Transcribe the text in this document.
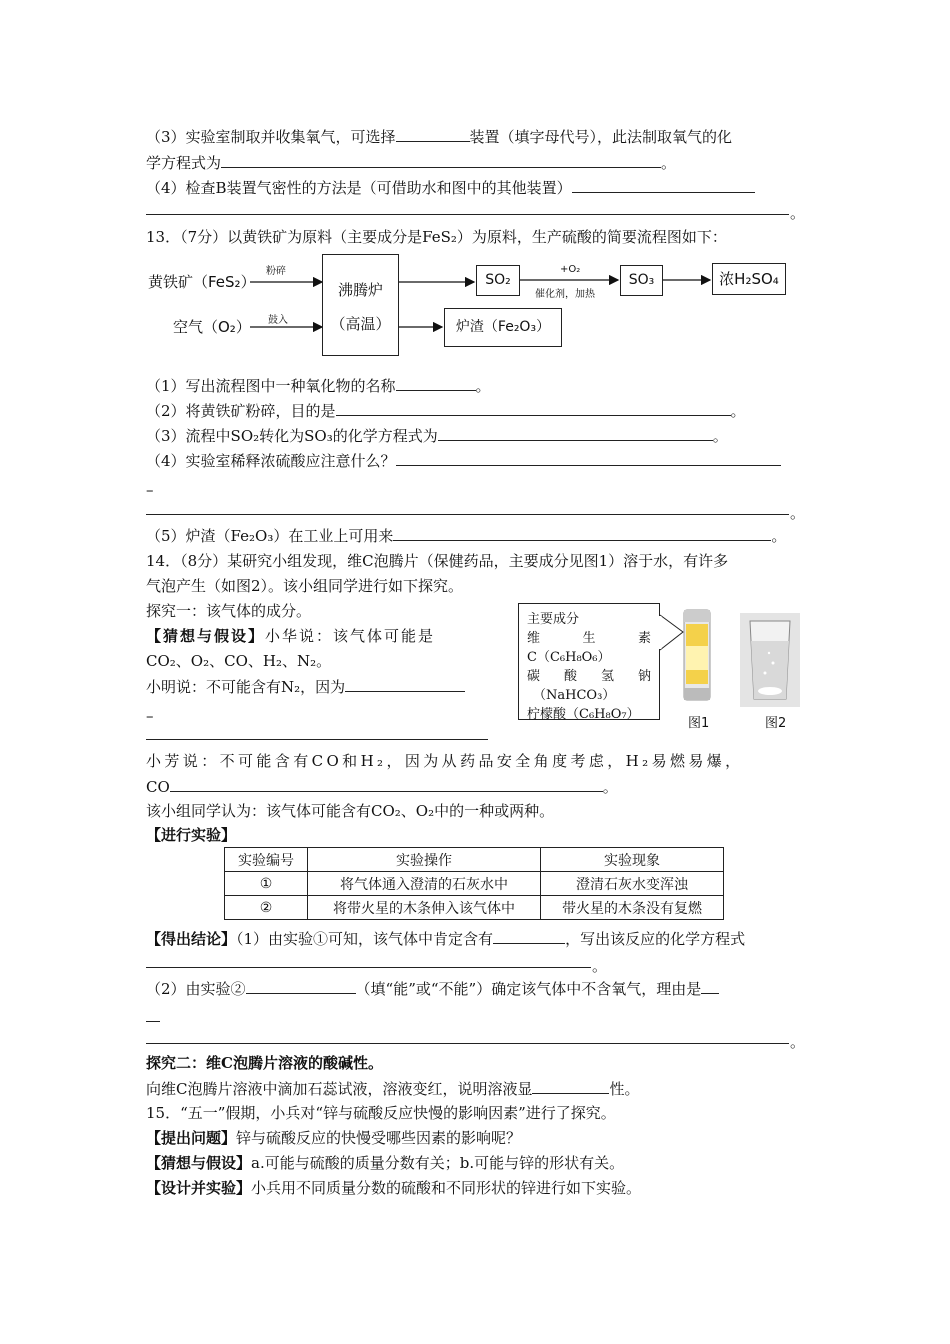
（3）实验室制取并收集氧气，可选择	装置（填字母代号），此法制取氧气的化
学方程式为	。
（4）检查B装置气密性的方法是（可借助水和图中的其他装置）
。
13．（7分）以黄铁矿为原料（主要成分是FeS₂）为原料，生产硫酸的简要流程图如下：
黄铁矿（FeS₂）
粉碎
空气（O₂） 鼓入
沸腾炉
（高温）
SO₂
+O₂
催化剂，加热
SO₃	浓H₂SO₄
炉渣（Fe₂O₃）
（1）写出流程图中一种氧化物的名称	。
（2）将黄铁矿粉碎，目的是	。
（3）流程中SO₂转化为SO₃的化学方程式为	。
（4）实验室稀释浓硫酸应注意什么？
–
。
（5）炉渣（Fe₂O₃）在工业上可用来	。
14．（8分）某研究小组发现，维C泡腾片（保健药品，主要成分见图1）溶于水，有许多
气泡产生（如图2）。该小组同学进行如下探究。
探究一：该气体的成分。
【猜想与假设】小华说：该气体可能是
CO₂、O₂、CO、H₂、N₂。
小明说：不可能含有N₂，因为
–
主要成分
维	生	素
C（C₆H₈O₆）
碳 酸 氢 钠
（NaHCO₃）
柠檬酸（C₆H₈O₇）
图1	图2
小芳说：不可能含有CO和H₂，因为从药品安全角度考虑，H₂易燃易爆，
CO	。
该小组同学认为：该气体可能含有CO₂、O₂中的一种或两种。
【进行实验】
实验编号	实验操作	实验现象
①	将气体通入澄清的石灰水中	澄清石灰水变浑浊
②	将带火星的木条伸入该气体中	带火星的木条没有复燃
【得出结论】（1）由实验①可知，该气体中肯定含有	，写出该反应的化学方程式
。
（2）由实验②	（填“能”或“不能”）确定该气体中不含氧气，理由是
。
探究二：维C泡腾片溶液的酸碱性。
向维C泡腾片溶液中滴加石蕊试液，溶液变红，说明溶液显	性。
15．“五一”假期，小兵对“锌与硫酸反应快慢的影响因素”进行了探究。
【提出问题】锌与硫酸反应的快慢受哪些因素的影响呢？
【猜想与假设】a.可能与硫酸的质量分数有关；b.可能与锌的形状有关。
【设计并实验】小兵用不同质量分数的硫酸和不同形状的锌进行如下实验。
